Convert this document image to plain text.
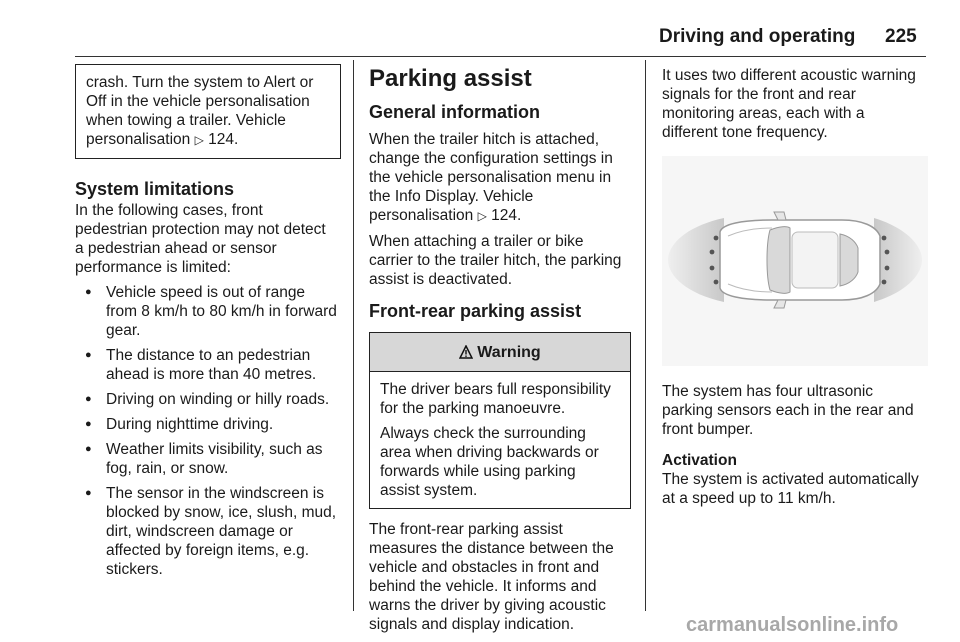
Driving and operating 225

crash. Turn the system to Alert or
Off in the vehicle personalisation
when towing a trailer. Vehicle
personalisation ▷ 124.

System limitations

In the following cases, front
pedestrian protection may not detect
a pedestrian ahead or sensor
performance is limited:

● Vehicle speed is out of range
from 8 km/h to 80 km/h in forward
gear.
● The distance to an pedestrian
ahead is more than 40 metres.
● Driving on winding or hilly roads.
● During nighttime driving.
● Weather limits visibility, such as
fog, rain, or snow.
● The sensor in the windscreen is
blocked by snow, ice, slush, mud,
dirt, windscreen damage or
affected by foreign items, e.g.
stickers.
Parking assist
General information

When the trailer hitch is attached,
change the configuration settings in
the vehicle personalisation menu in
the Info Display. Vehicle
personalisation ▷ 124.

When attaching a trailer or bike
carrier to the trailer hitch, the parking
assist is deactivated.

Front-rear parking assist
Warning

The driver bears full responsibility
for the parking manoeuvre.

Always check the surrounding
area when driving backwards or
forwards while using parking
assist system.

The front-rear parking assist
measures the distance between the
vehicle and obstacles in front and
behind the vehicle. It informs and
warns the driver by giving acoustic
signals and display indication.

It uses two different acoustic warning
signals for the front and rear
monitoring areas, each with a
different tone frequency.

The system has four ultrasonic
parking sensors each in the rear and
front bumper.

Activation

The system is activated automatically
at a speed up to 11 km/h.

carmanualsonline.info
